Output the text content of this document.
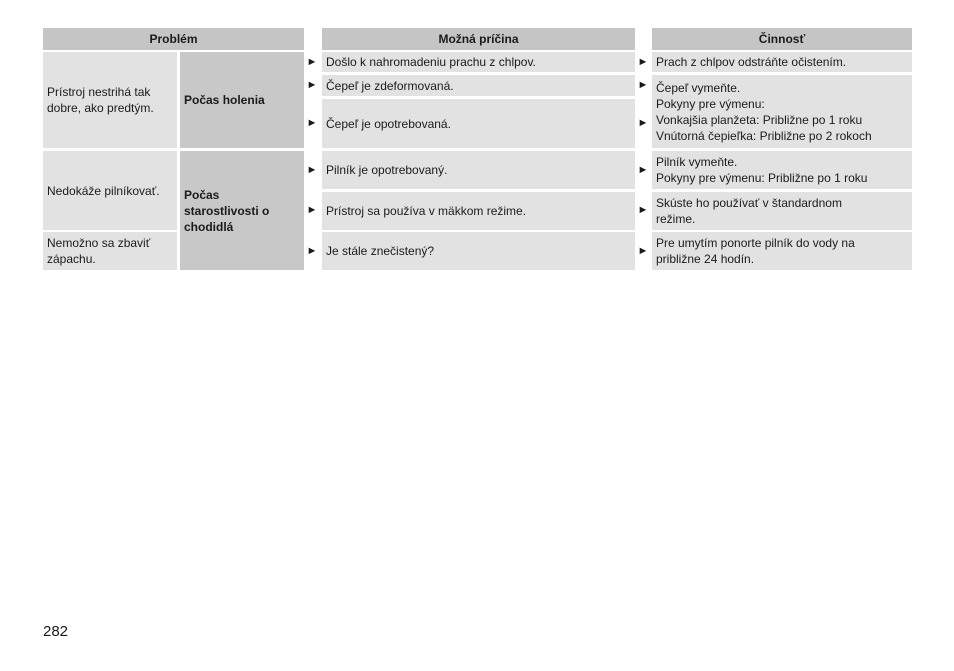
Problém	Možná príčina	Činnosť
Prístroj nestrihá tak dobre, ako predtým.
Nedokáže pilníkovať.
Nemožno sa zbaviť zápachu.
Počas holenia
Počas starostlivosti o chodidlá
► Došlo k nahromadeniu prachu z chlpov.
► Čepeľ je zdeformovaná.
► Čepeľ je opotrebovaná.
► Pilník je opotrebovaný.
► Prístroj sa používa v mäkkom režime.
► Je stále znečistený?
► Prach z chlpov odstráňte očistením.
►
►
Čepeľ vymeňte.
Pokyny pre výmenu:
Vonkajšia planžeta: Približne po 1 roku
Vnútorná čepieľka: Približne po 2 rokoch
►
Pilník vymeňte.
Pokyny pre výmenu: Približne po 1 roku
► Skúste ho používať v štandardnom
režime.
►
Pre umytím ponorte pilník do vody na
približne 24 hodín.
282
